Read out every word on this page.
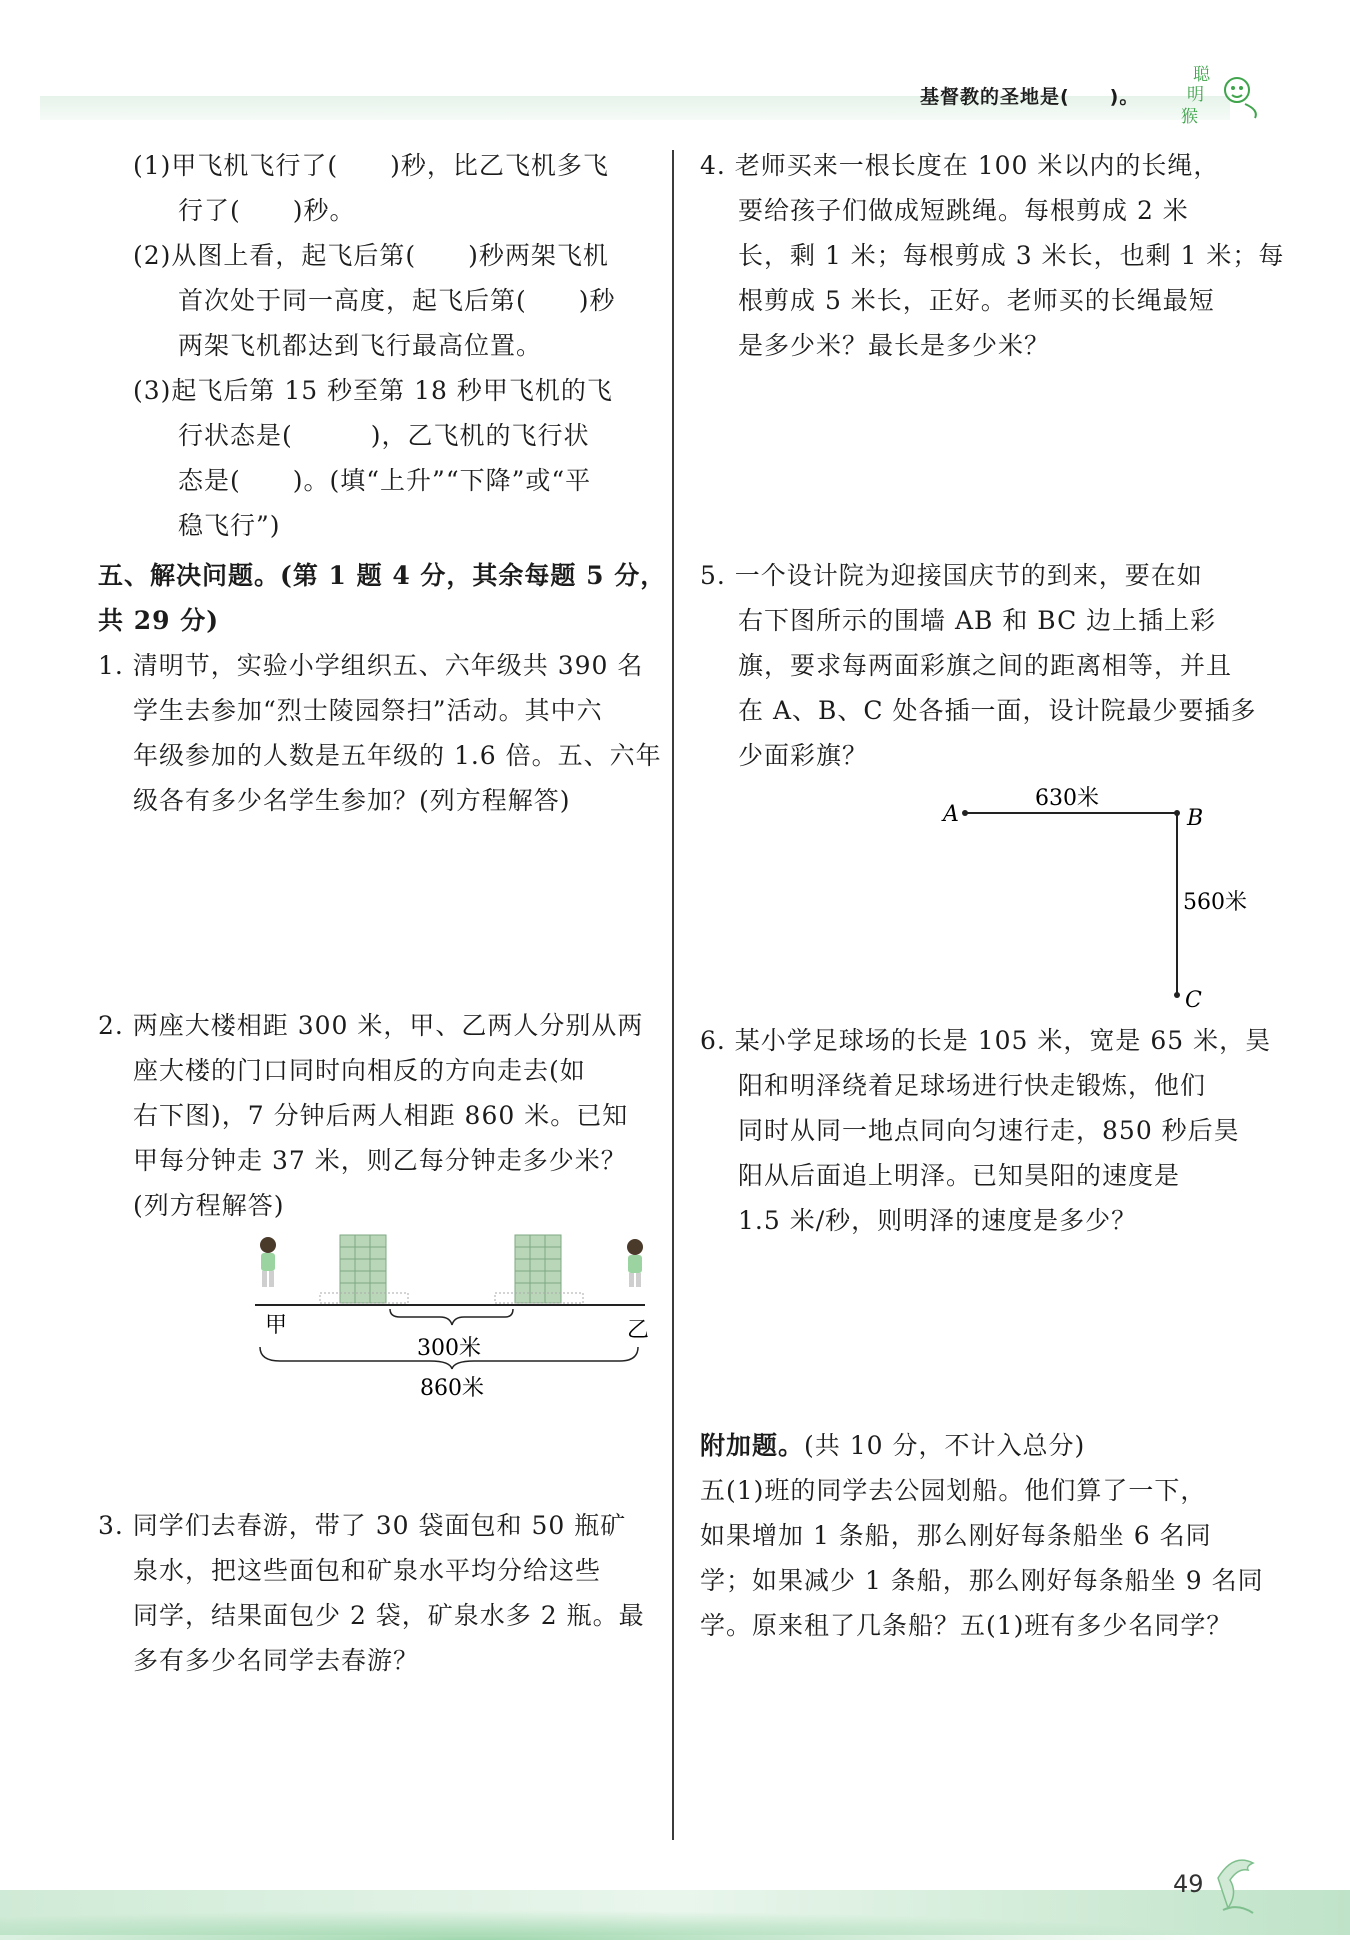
基督教的圣地是(　　)。
聪
明
猴
(1)甲飞机飞行了(　　)秒，比乙飞机多飞
行了(　　)秒。
(2)从图上看，起飞后第(　　)秒两架飞机
首次处于同一高度，起飞后第(　　)秒
两架飞机都达到飞行最高位置。
(3)起飞后第 15 秒至第 18 秒甲飞机的飞
行状态是(　　　)，乙飞机的飞行状
态是(　　)。(填“上升”“下降”或“平
稳飞行”)
五、解决问题。(第 1 题 4 分，其余每题 5 分，
共 29 分)
1. 清明节，实验小学组织五、六年级共 390 名
学生去参加“烈士陵园祭扫”活动。其中六
年级参加的人数是五年级的 1.6 倍。五、六年
级各有多少名学生参加？(列方程解答)
2. 两座大楼相距 300 米，甲、乙两人分别从两
座大楼的门口同时向相反的方向走去(如
右下图)，7 分钟后两人相距 860 米。已知
甲每分钟走 37 米，则乙每分钟走多少米？
(列方程解答)
甲	乙
300米
860米
3. 同学们去春游，带了 30 袋面包和 50 瓶矿
泉水，把这些面包和矿泉水平均分给这些
同学，结果面包少 2 袋，矿泉水多 2 瓶。最
多有多少名同学去春游？
4. 老师买来一根长度在 100 米以内的长绳，
要给孩子们做成短跳绳。每根剪成 2 米
长，剩 1 米；每根剪成 3 米长，也剩 1 米；每
根剪成 5 米长，正好。老师买的长绳最短
是多少米？最长是多少米？
5. 一个设计院为迎接国庆节的到来，要在如
右下图所示的围墙 AB 和 BC 边上插上彩
旗，要求每两面彩旗之间的距离相等，并且
在 A、B、C 处各插一面，设计院最少要插多
少面彩旗？
A	B
C
630米
560米
6. 某小学足球场的长是 105 米，宽是 65 米，昊
阳和明泽绕着足球场进行快走锻炼，他们
同时从同一地点同向匀速行走，850 秒后昊
阳从后面追上明泽。已知昊阳的速度是
1.5 米/秒，则明泽的速度是多少？
附加题。(共 10 分，不计入总分)
五(1)班的同学去公园划船。他们算了一下，
如果增加 1 条船，那么刚好每条船坐 6 名同
学；如果减少 1 条船，那么刚好每条船坐 9 名同
学。原来租了几条船？五(1)班有多少名同学？
49
